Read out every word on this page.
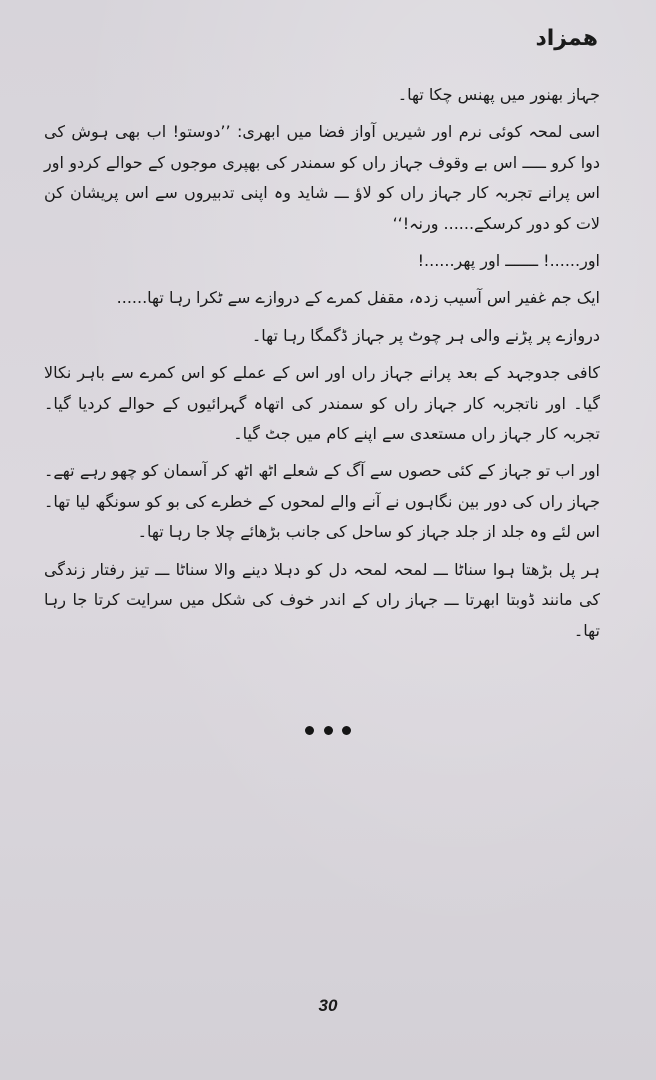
ھمزاد

جہاز بھنور میں پھنس چکا تھا۔

اسی لمحہ کوئی نرم اور شیریں آواز فضا میں ابھری: ’’دوستو! اب بھی ہوش کی دوا کرو ـــــ اس بے وقوف جہاز راں کو سمندر کی بھپری موجوں کے حوالے کردو اور اس پرانے تجربہ کار جہاز راں کو لاؤ ـــ شاید وہ اپنی تدبیروں سے اس پریشان کن لات کو دور کرسکے...... ورنہ!‘‘

اور......! ـــــــ اور پھر......!

ایک جم غفیر اس آسیب زدہ، مقفل کمرے کے دروازے سے ٹکرا رہا تھا......

دروازے پر پڑنے والی ہر چوٹ پر جہاز ڈگمگا رہا تھا۔

کافی جدوجہد کے بعد پرانے جہاز راں اور اس کے عملے کو اس کمرے سے باہر نکالا گیا۔ اور ناتجربہ کار جہاز راں کو سمندر کی اتھاہ گہرائیوں کے حوالے کردیا گیا۔ تجربہ کار جہاز راں مستعدی سے اپنے کام میں جٹ گیا۔

اور اب تو جہاز کے کئی حصوں سے آگ کے شعلے اٹھ اٹھ کر آسمان کو چھو رہے تھے۔ جہاز راں کی دور بین نگاہوں نے آنے والے لمحوں کے خطرے کی بو کو سونگھ لیا تھا۔ اس لئے وہ جلد از جلد جہاز کو ساحل کی جانب بڑھائے چلا جا رہا تھا۔

ہر پل بڑھتا ہوا سناٹا ـــ لمحہ لمحہ دل کو دہلا دینے والا سناٹا ـــ تیز رفتار زندگی کی مانند ڈوبتا ابھرتا ـــ جہاز راں کے اندر خوف کی شکل میں سرایت کرتا جا رہا تھا۔

30
